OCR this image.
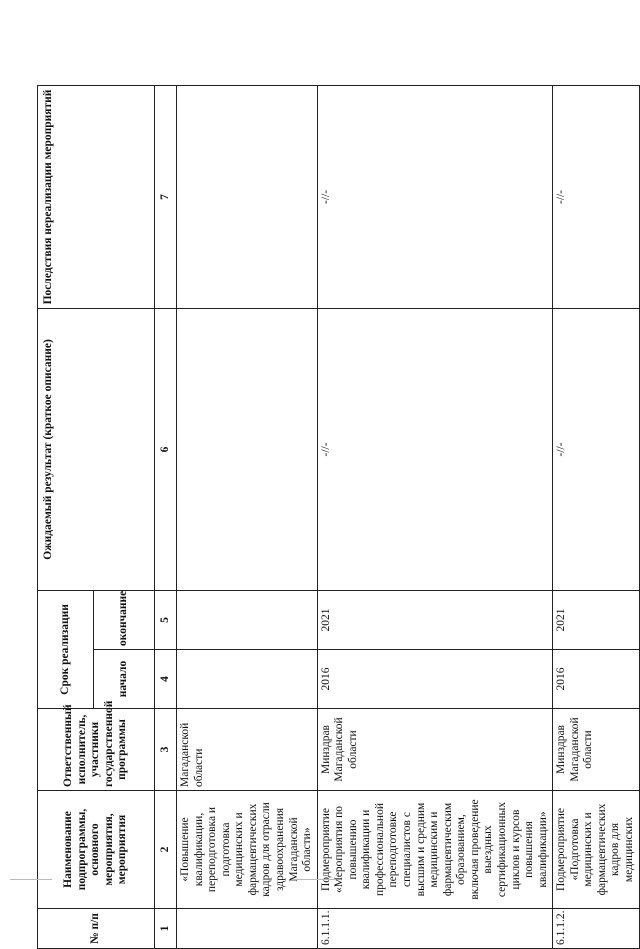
№ п/п	Наименование подпрограммы, основного мероприятия, мероприятия	Ответственный исполнитель, участники государственной программы	Срок реализации		Ожидаемый результат (краткое описание)	Последствия нереализации мероприятий
			начало	окончание		
1	2	3	4	5	6	7
	«Повышение квалификации, переподготовка и подготовка медицинских и фармацевтических кадров для отрасли здравоохранения Магаданской области»	Магаданской области				
6.1.1.1.	Подмероприятие «Мероприятия по повышению квалификации и профессиональной переподготовке специалистов с высшим и средним медицинским и фармацевтическим образованием, включая проведение выездных сертификационных циклов и курсов повышения квалификации»	Минздрав Магаданской области	2016	2021	-//-	-//-
6.1.1.2.	Подмероприятие «Подготовка медицинских и фармацевтических кадров для медицинских	Минздрав Магаданской области	2016	2021	-//-	-//-
